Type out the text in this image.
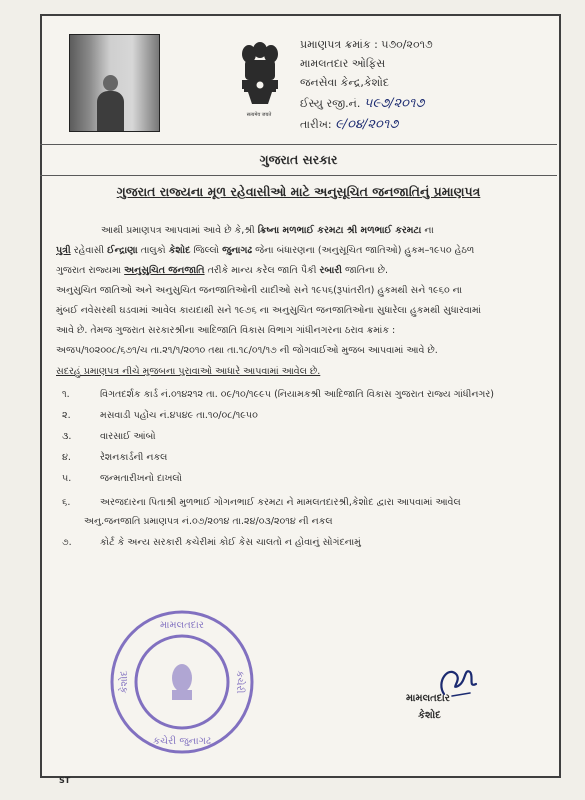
सत्यमेव जयते
પ્રમાણપત્ર ક્રમાંક : ૫૭૦/૨૦૧૭
મામલતદાર ઓફિસ
જનસેવા કેન્દ્ર,કેશોદ
ઈસ્યુ રજી.નં. ૫૯૭/૨૦૧૭
તારીખ: ૯/૦૪/૨૦૧૭
ગુજરાત સરકાર
ગુજરાત રાજ્યના મૂળ રહેવાસીઓ માટે અનુસૂચિત જનજાતિનું પ્રમાણપત્ર
આથી પ્રમાણપત્ર આપવામાં આવે છે કે,શ્રી ક્રિષ્ના મળભાઈ કરમટા શ્રી મળભાઈ કરમટા ના
પુત્રી રહેવાસી ઈન્દ્રાણા તાલુકો કેશોદ જિલ્લો જુનાગઢ જેના બંધારણના (અનુસૂચિત જાતિઓ) હુકમ–૧૯૫૦ હેઠળ
ગુજરાત રાજ્યમા અનુસુચિત જનજાતિ તરીકે માન્ય કરેલ જાતિ પૈકી રબારી જાતિના છે.
અનુસુચિત જાતિઓ અને અનુસુચિત જનજાતિઓની યાદીઓ સને ૧૯૫૬(રૂપાંતરીત) હુકમથી સને ૧૯૬૦ ના
મુંબઈ નવેસરથી ઘડવામાં આવેલ કાયદાથી સને ૧૯૭૬ ના અનુસુચિત જનજાતિઓના સુધારેલા હુકમથી સુધારવામાં
આવે છે. તેમજ ગુજરાત સરકારશ્રીના આદિજાતિ વિકાસ વિભાગ ગાંધીનગરના ઠરાવ ક્રમાંક :
અજપ/૧૦૨૦૦૮/૬૭૧/ચ તા.૨૧/૧/૨૦૧૦ તથા તા.૧૮/૦૧/૧૭ ની જોગવાઈઓ મુજબ આપવામાં આવે છે.
સદરહું પ્રમાણપત્ર નીચે મુજબના પુરાવાઓ આધારે આપવામાં આવેલ છે.
૧.	વિગતદર્શક કાર્ડ નં.૦૧૪૨૧૨ તા. ૦૯/૧૦/૧૯૯૫ (નિયામકશ્રી આદિજાતિ વિકાસ ગુજરાત રાજ્ય ગાંધીનગર)
૨.	મસવાડી પહોંચ નં.૪૫૪૯ તા.૧૦/૦૮/૧૯૫૦
૩.	વારસાઈ આંબો
૪.	રેશનકાર્ડની નકલ
૫.	જન્મતારીખનો દાખલો
૬.	અરજદારના પિતાશ્રી મુળભાઈ ગોગનભાઈ કરમટા ને મામલતદારશ્રી,કેશોદ દ્વારા આપવામાં આવેલ
અનુ.જનજાતિ પ્રમાણપત્ર નં.૦૭/૨૦૧૪ તા.૨૪/૦૩/૨૦૧૪ ની નકલ
૭.	કોર્ટ કે અન્ય સરકારી કચેરીમાં કોઈ કેસ ચાલતો ન હોવાનું સોગંદનામું
મામલતદાર
કચેરી જુનાગઢ
કચેરી
કેશોદ
મામલતદાર
કેશોદ
ST
